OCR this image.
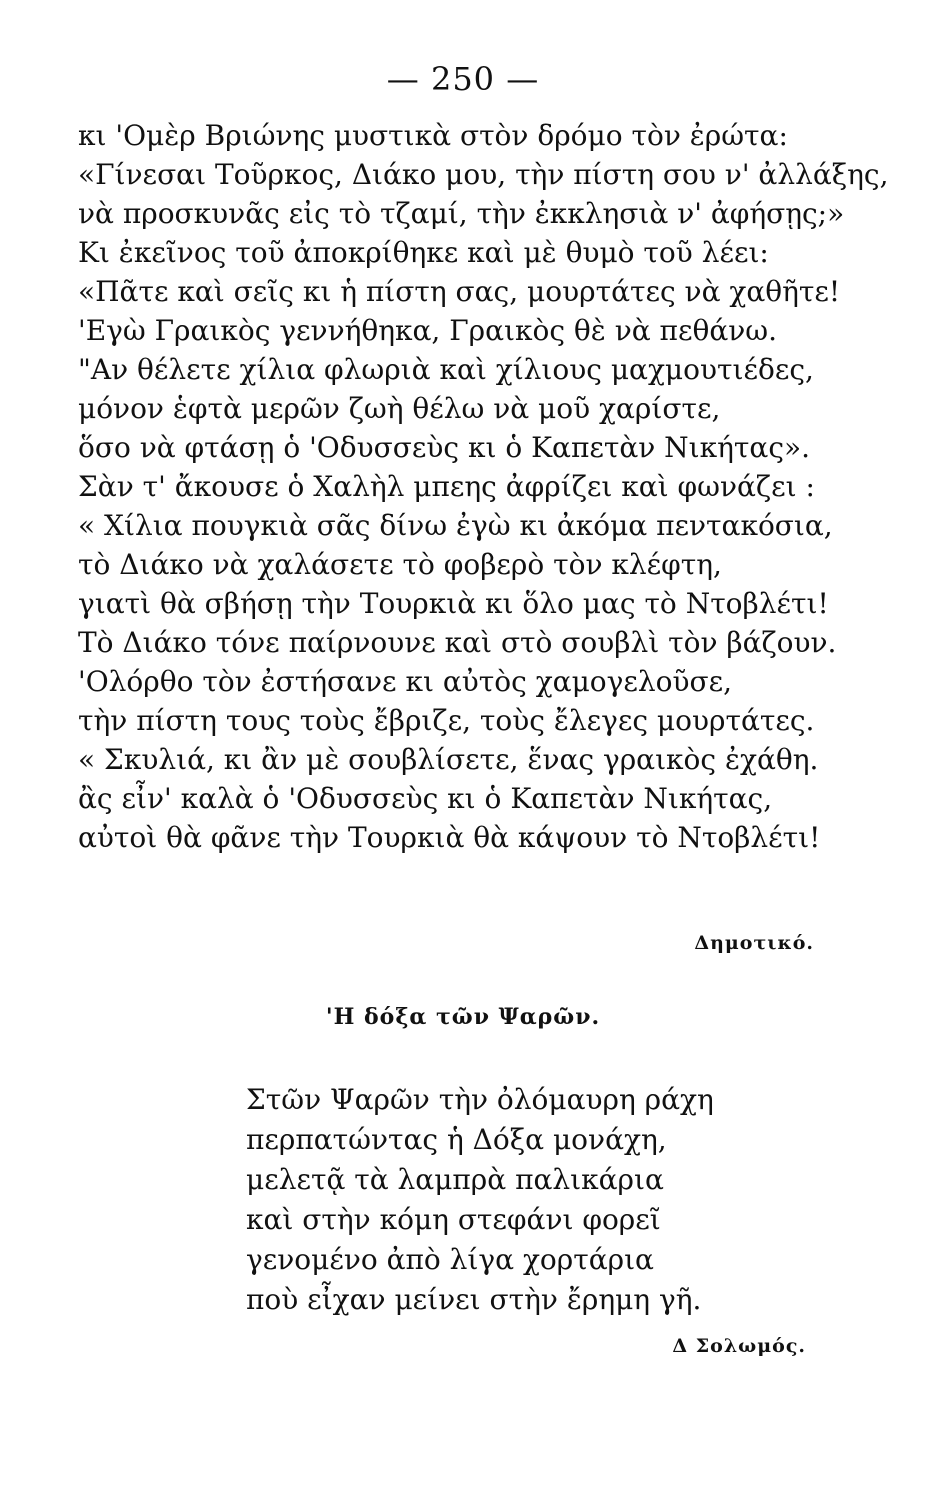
— 250 —
κι 'Ομὲρ Βριώνης μυστικὰ στὸν δρόμο τὸν ἐρώτα:
«Γίνεσαι Τοῦρκος, Διάκο μου, τὴν πίστη σου ν' ἀλλάξης,
νὰ προσκυνᾶς εἰς τὸ τζαμί, τὴν ἐκκλησιὰ ν' ἀφήσῃς;»
Κι ἐκεῖνος τοῦ ἀποκρίθηκε καὶ μὲ θυμὸ τοῦ λέει:
«Πᾶτε καὶ σεῖς κι ἡ πίστη σας, μουρτάτες νὰ χαθῆτε!
'Εγὼ Γραικὸς γεννήθηκα, Γραικὸς θὲ νὰ πεθάνω.
"Αν θέλετε χίλια φλωριὰ καὶ χίλιους μαχμουτιέδες,
μόνον ἑφτὰ μερῶν ζωὴ θέλω νὰ μοῦ χαρίστε,
ὅσο νὰ φτάσῃ ὁ 'Οδυσσεὺς κι ὁ Καπετὰν Νικήτας».
Σὰν τ' ἄκουσε ὁ Χαλὴλ μπεης ἀφρίζει καὶ φωνάζει :
« Χίλια πουγκιὰ σᾶς δίνω ἐγὼ κι ἀκόμα πεντακόσια,
τὸ Διάκο νὰ χαλάσετε τὸ φοβερὸ τὸν κλέφτη,
γιατὶ θὰ σβήσῃ τὴν Τουρκιὰ κι ὅλο μας τὸ Ντοβλέτι!
Τὸ Διάκο τόνε παίρνουνε καὶ στὸ σουβλὶ τὸν βάζουν.
'Ολόρθο τὸν ἐστήσανε κι αὐτὸς χαμογελοῦσε,
τὴν πίστη τους τοὺς ἔβριζε, τοὺς ἔλεγες μουρτάτες.
« Σκυλιά, κι ἂν μὲ σουβλίσετε, ἕνας γραικὸς ἐχάθη.
ἂς εἶν' καλὰ ὁ 'Οδυσσεὺς κι ὁ Καπετὰν Νικήτας,
αὐτοὶ θὰ φᾶνε τὴν Τουρκιὰ θὰ κάψουν τὸ Ντοβλέτι!
Δημοτικό.
'Η δόξα τῶν Ψαρῶν.
Στῶν Ψαρῶν τὴν ὀλόμαυρη ράχη
περπατώντας ἡ Δόξα μονάχη,
μελετᾷ τὰ λαμπρὰ παλικάρια
καὶ στὴν κόμη στεφάνι φορεῖ
γενομένο ἀπὸ λίγα χορτάρια
ποὺ εἶχαν μείνει στὴν ἔρημη γῆ.
Δ Σολωμός.
